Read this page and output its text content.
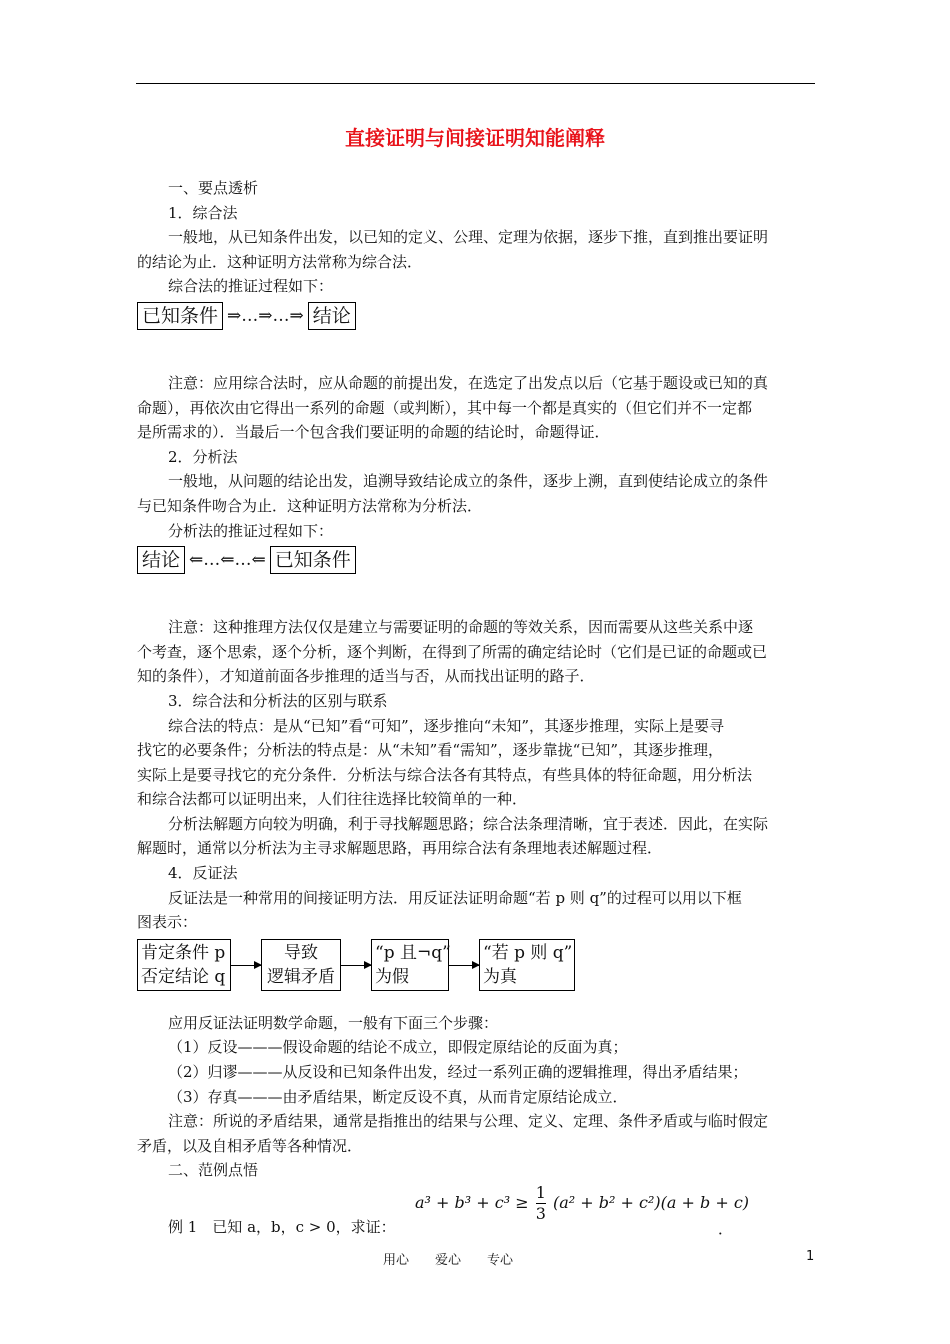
直接证明与间接证明知能阐释
一、要点透析
1．综合法
一般地，从已知条件出发，以已知的定义、公理、定理为依据，逐步下推，直到推出要证明
的结论为止．这种证明方法常称为综合法．
综合法的推证过程如下：
已知条件 ⇒…⇒…⇒ 结论
注意：应用综合法时，应从命题的前提出发，在选定了出发点以后（它基于题设或已知的真
命题），再依次由它得出一系列的命题（或判断），其中每一个都是真实的（但它们并不一定都
是所需求的）．当最后一个包含我们要证明的命题的结论时，命题得证．
2．分析法
一般地，从问题的结论出发，追溯导致结论成立的条件，逐步上溯，直到使结论成立的条件
与已知条件吻合为止．这种证明方法常称为分析法．
分析法的推证过程如下：
结论 ⇐…⇐…⇐ 已知条件
注意：这种推理方法仅仅是建立与需要证明的命题的等效关系，因而需要从这些关系中逐
个考查，逐个思索，逐个分析，逐个判断，在得到了所需的确定结论时（它们是已证的命题或已
知的条件），才知道前面各步推理的适当与否，从而找出证明的路子．
3．综合法和分析法的区别与联系
综合法的特点：是从“已知”看“可知”，逐步推向“未知”，其逐步推理，实际上是要寻
找它的必要条件；分析法的特点是：从“未知”看“需知”，逐步靠拢“已知”，其逐步推理，
实际上是要寻找它的充分条件．分析法与综合法各有其特点，有些具体的特征命题，用分析法
和综合法都可以证明出来，人们往往选择比较简单的一种．
分析法解题方向较为明确，利于寻找解题思路；综合法条理清晰，宜于表述．因此，在实际
解题时，通常以分析法为主寻求解题思路，再用综合法有条理地表述解题过程．
4．反证法
反证法是一种常用的间接证明方法．用反证法证明命题“若 p 则 q”的过程可以用以下框
图表示：
肯定条件 p
否定结论 q
导致
逻辑矛盾
“p 且¬q”
为假
“若 p 则 q”
为真
应用反证法证明数学命题，一般有下面三个步骤：
（1）反设———假设命题的结论不成立，即假定原结论的反面为真；
（2）归谬———从反设和已知条件出发，经过一系列正确的逻辑推理，得出矛盾结果；
（3）存真———由矛盾结果，断定反设不真，从而肯定原结论成立．
注意：所说的矛盾结果，通常是指推出的结果与公理、定义、定理、条件矛盾或与临时假定
矛盾，以及自相矛盾等各种情况．
二、范例点悟
例 1　已知 a，b，c > 0，求证：
$a^3 + b^3 + c^3 \ge \frac{1}{3} (a^2 + b^2 + c^2)(a + b + c)$
．
用心　　爱心　　专心	1
